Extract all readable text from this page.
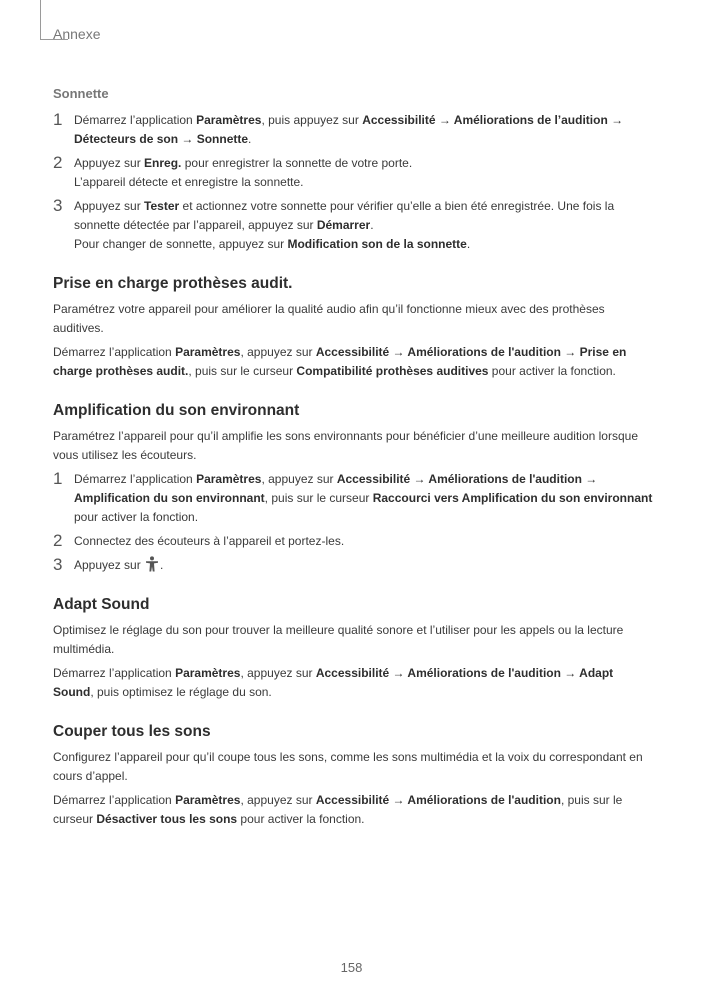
Annexe
Sonnette
1 Démarrez l’application Paramètres, puis appuyez sur Accessibilité → Améliorations de l’audition → Détecteurs de son → Sonnette.

2 Appuyez sur Enreg. pour enregistrer la sonnette de votre porte.

L’appareil détecte et enregistre la sonnette.

3 Appuyez sur Tester et actionnez votre sonnette pour vérifier qu’elle a bien été enregistrée. Une fois la sonnette détectée par l’appareil, appuyez sur Démarrer.

Pour changer de sonnette, appuyez sur Modification son de la sonnette.

Prise en charge prothèses audit.

Paramétrez votre appareil pour améliorer la qualité audio afin qu’il fonctionne mieux avec des prothèses auditives.

Démarrez l’application Paramètres, appuyez sur Accessibilité → Améliorations de l'audition → Prise en charge prothèses audit., puis sur le curseur Compatibilité prothèses auditives pour activer la fonction.

Amplification du son environnant

Paramétrez l’appareil pour qu’il amplifie les sons environnants pour bénéficier d’une meilleure audition lorsque vous utilisez les écouteurs.

1 Démarrez l’application Paramètres, appuyez sur Accessibilité → Améliorations de l'audition → Amplification du son environnant, puis sur le curseur Raccourci vers Amplification du son environnant pour activer la fonction.

2 Connectez des écouteurs à l’appareil et portez-les.

3 Appuyez sur .

Adapt Sound

Optimisez le réglage du son pour trouver la meilleure qualité sonore et l’utiliser pour les appels ou la lecture multimédia.

Démarrez l’application Paramètres, appuyez sur Accessibilité → Améliorations de l'audition → Adapt Sound, puis optimisez le réglage du son.

Couper tous les sons

Configurez l’appareil pour qu’il coupe tous les sons, comme les sons multimédia et la voix du correspondant en cours d’appel.

Démarrez l’application Paramètres, appuyez sur Accessibilité → Améliorations de l'audition, puis sur le curseur Désactiver tous les sons pour activer la fonction.

158
